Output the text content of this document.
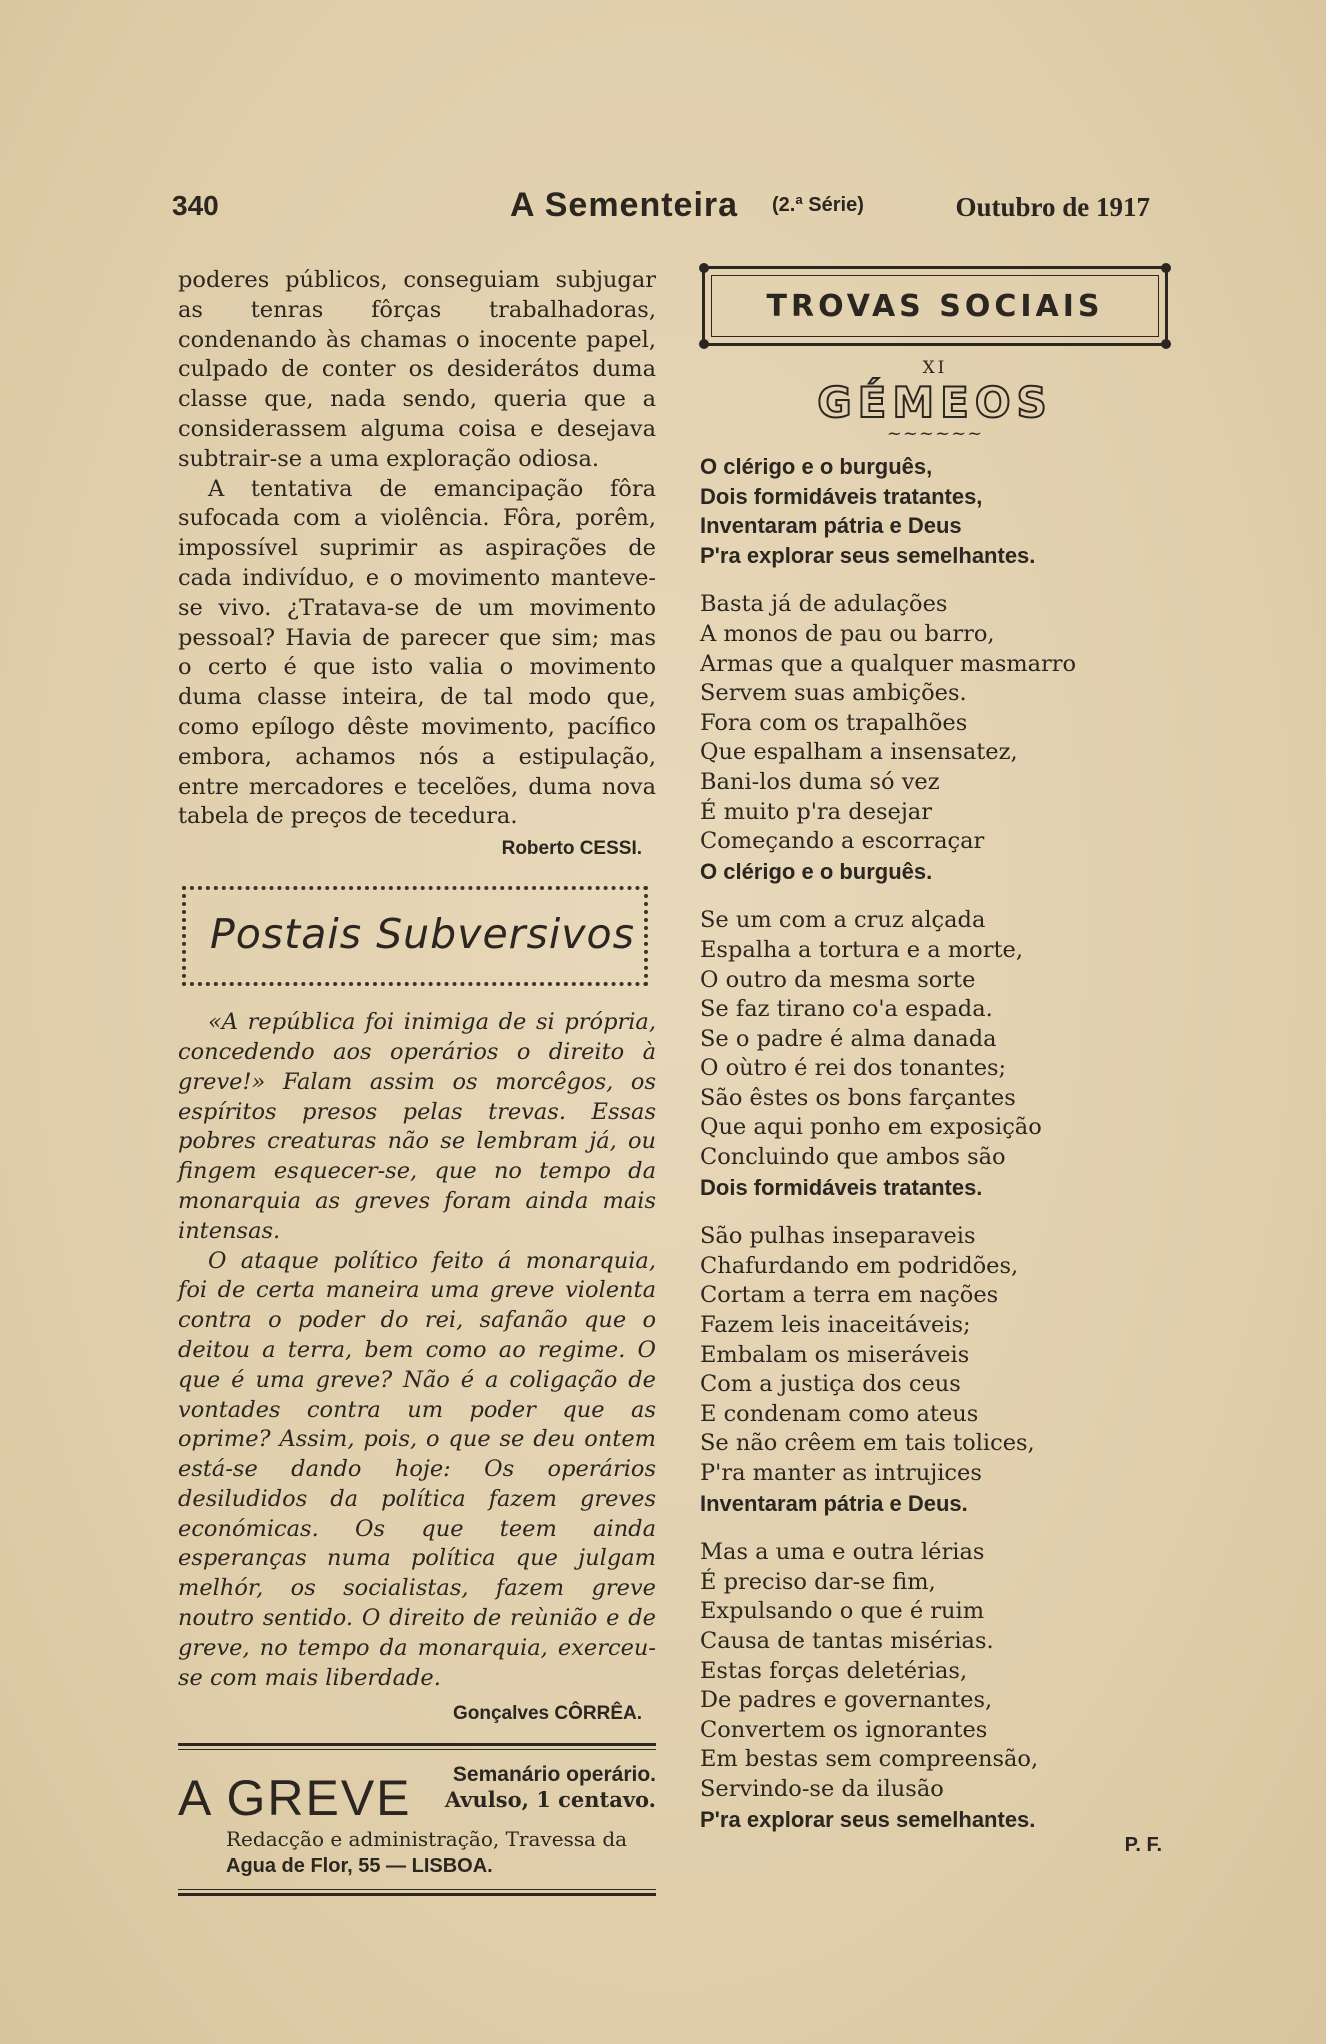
340	A Sementeira (2.ª Série)	Outubro de 1917

poderes públicos, conseguiam subjugar as tenras fôrças trabalhadoras, condenando às chamas o inocente papel, culpado de conter os desiderátos duma classe que, nada sendo, queria que a considerassem alguma coisa e desejava subtrair-se a uma exploração odiosa.

A tentativa de emancipação fôra sufocada com a violência. Fôra, porêm, impossível suprimir as aspirações de cada indivíduo, e o movimento manteve-se vivo. ¿Tratava-se de um movimento pessoal? Havia de parecer que sim; mas o certo é que isto valia o movimento duma classe inteira, de tal modo que, como epílogo dêste movimento, pacífico embora, achamos nós a estipulação, entre mercadores e tecelões, duma nova tabela de preços de tecedura.

Roberto CESSI.
Postais Subversivos

«A república foi inimiga de si própria, concedendo aos operários o direito à greve!» Falam assim os morcêgos, os espíritos presos pelas trevas. Essas pobres creaturas não se lembram já, ou fingem esquecer-se, que no tempo da monarquia as greves foram ainda mais intensas.

O ataque político feito á monarquia, foi de certa maneira uma greve violenta contra o poder do rei, safanão que o deitou a terra, bem como ao regime. O que é uma greve? Não é a coligação de vontades contra um poder que as oprime? Assim, pois, o que se deu ontem está-se dando hoje: Os operários desiludidos da política fazem greves económicas. Os que teem ainda esperanças numa política que julgam melhór, os socialistas, fazem greve noutro sentido. O direito de reùnião e de greve, no tempo da monarquia, exerceu-se com mais liberdade.

Gonçalves CÔRRÊA.
A GREVE Semanário operário.
Avulso, 1 centavo.
Redacção e administração, Travessa da
Agua de Flor, 55 — LISBOA.
TROVAS SOCIAIS
XI
GÉMEOS
~~~~~~
O clérigo e o burguês,
Dois formidáveis tratantes,
Inventaram pátria e Deus
P'ra explorar seus semelhantes.
Basta já de adulações
A monos de pau ou barro,
Armas que a qualquer masmarro
Servem suas ambições.
Fora com os trapalhões
Que espalham a insensatez,
Bani-los duma só vez
É muito p'ra desejar
Começando a escorraçar
O clérigo e o burguês.
Se um com a cruz alçada
Espalha a tortura e a morte,
O outro da mesma sorte
Se faz tirano co'a espada.
Se o padre é alma danada
O oùtro é rei dos tonantes;
São êstes os bons farçantes
Que aqui ponho em exposição
Concluindo que ambos são
Dois formidáveis tratantes.
São pulhas inseparaveis
Chafurdando em podridões,
Cortam a terra em nações
Fazem leis inaceitáveis;
Embalam os miseráveis
Com a justiça dos ceus
E condenam como ateus
Se não crêem em tais tolices,
P'ra manter as intrujices
Inventaram pátria e Deus.
Mas a uma e outra lérias
É preciso dar-se fim,
Expulsando o que é ruim
Causa de tantas misérias.
Estas forças deletérias,
De padres e governantes,
Convertem os ignorantes
Em bestas sem compreensão,
Servindo-se da ilusão
P'ra explorar seus semelhantes.
P. F.
